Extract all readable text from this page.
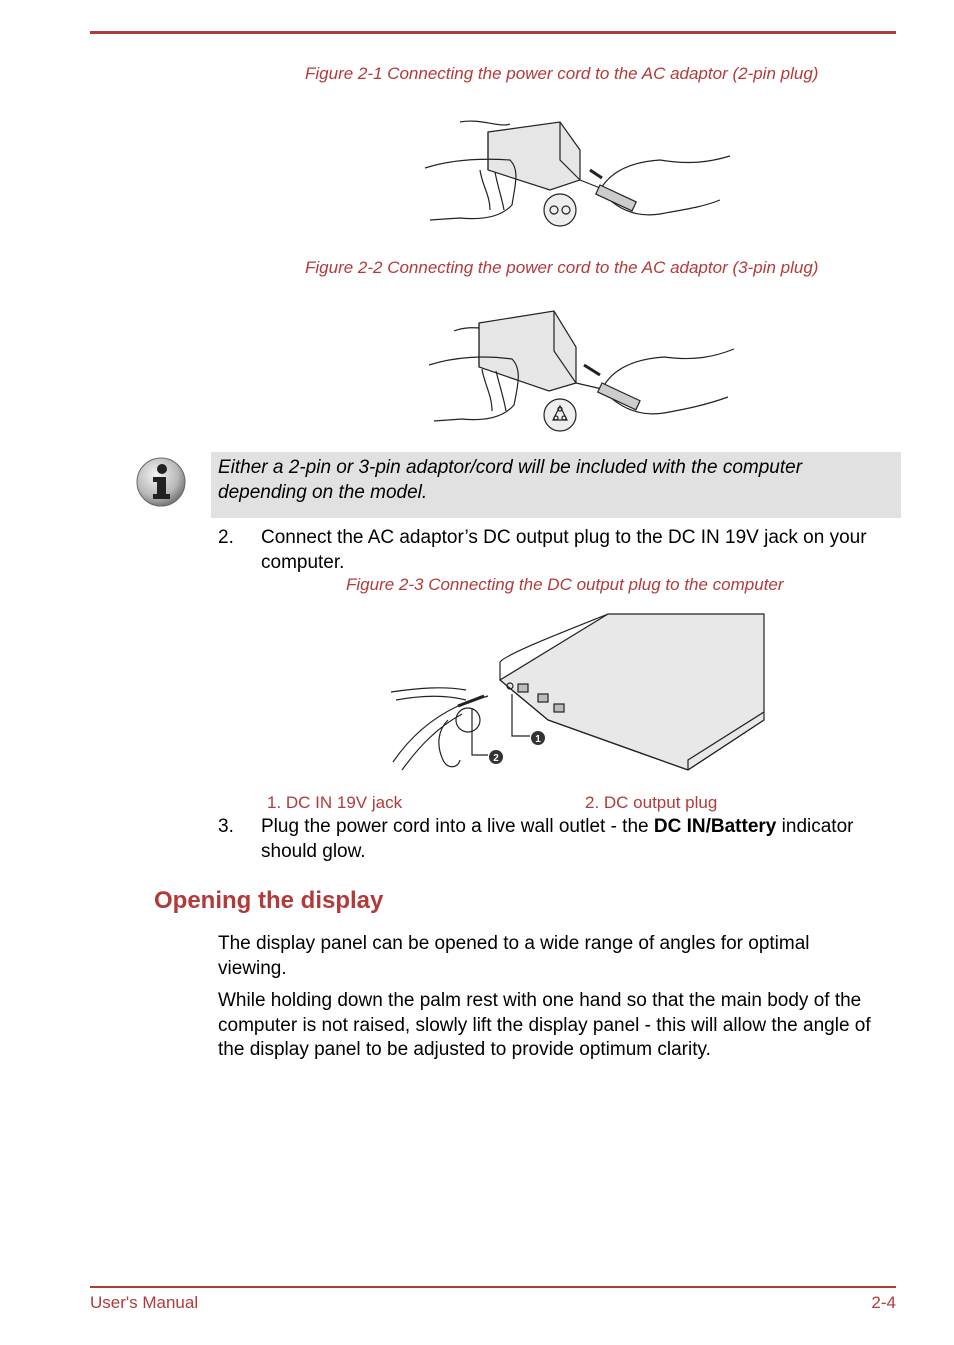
Figure 2-1 Connecting the power cord to the AC adaptor (2-pin plug)
Figure 2-2 Connecting the power cord to the AC adaptor (3-pin plug)
Either a 2-pin or 3-pin adaptor/cord will be included with the computer depending on the model.
2. Connect the AC adaptor’s DC output plug to the DC IN 19V jack on your computer.
Figure 2-3 Connecting the DC output plug to the computer
1
2
1. DC IN 19V jack	2. DC output plug
3. Plug the power cord into a live wall outlet - the DC IN/Battery indicator should glow.
Opening the display
The display panel can be opened to a wide range of angles for optimal viewing.
While holding down the palm rest with one hand so that the main body of the computer is not raised, slowly lift the display panel - this will allow the angle of the display panel to be adjusted to provide optimum clarity.
User's Manual	2-4
